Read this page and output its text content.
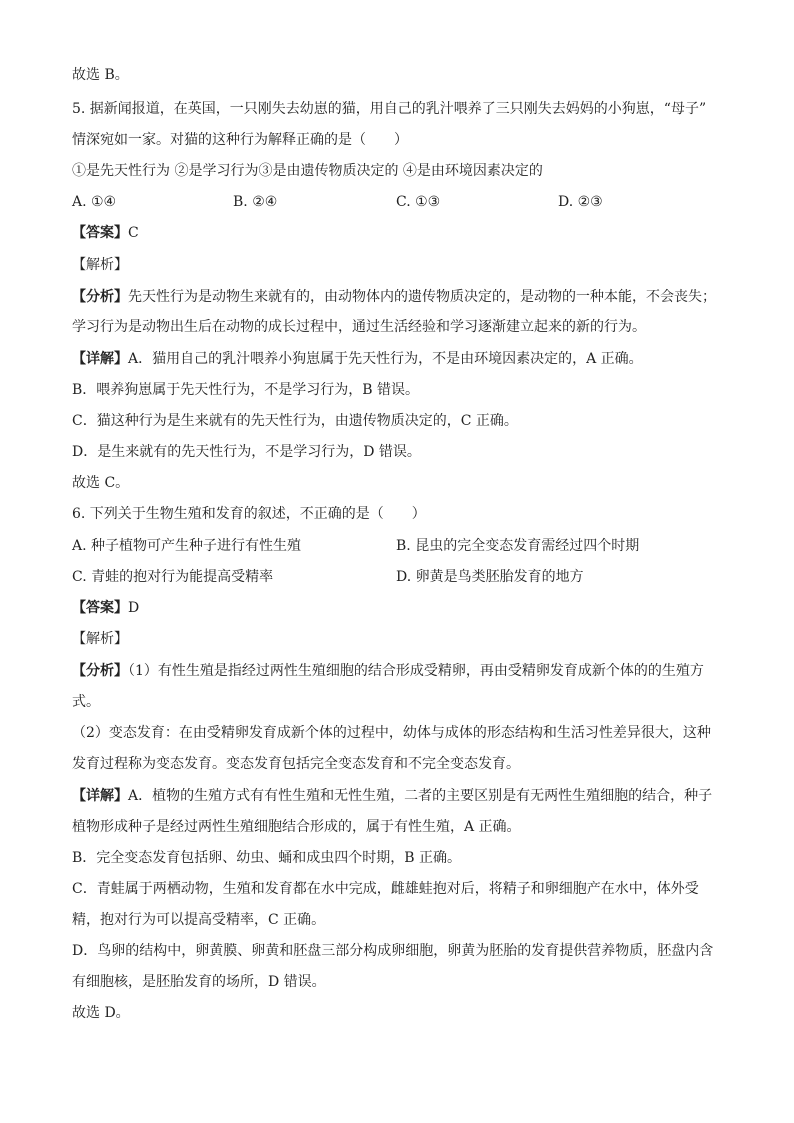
故选 B。
5. 据新闻报道，在英国，一只刚失去幼崽的猫，用自己的乳汁喂养了三只刚失去妈妈的小狗崽，“母子”
情深宛如一家。对猫的这种行为解释正确的是（　　）
①是先天性行为 ②是学习行为③是由遗传物质决定的 ④是由环境因素决定的
A. ①④	B. ②④	C. ①③	D. ②③
【答案】C
【解析】
【分析】先天性行为是动物生来就有的，由动物体内的遗传物质决定的，是动物的一种本能，不会丧失；
学习行为是动物出生后在动物的成长过程中，通过生活经验和学习逐渐建立起来的新的行为。
【详解】A．猫用自己的乳汁喂养小狗崽属于先天性行为，不是由环境因素决定的，A 正确。
B．喂养狗崽属于先天性行为，不是学习行为，B 错误。
C．猫这种行为是生来就有的先天性行为，由遗传物质决定的，C 正确。
D．是生来就有的先天性行为，不是学习行为，D 错误。
故选 C。
6. 下列关于生物生殖和发育的叙述，不正确的是（　　）
A. 种子植物可产生种子进行有性生殖	B. 昆虫的完全变态发育需经过四个时期
C. 青蛙的抱对行为能提高受精率	D. 卵黄是鸟类胚胎发育的地方
【答案】D
【解析】
【分析】（1）有性生殖是指经过两性生殖细胞的结合形成受精卵，再由受精卵发育成新个体的的生殖方
式。
（2）变态发育：在由受精卵发育成新个体的过程中，幼体与成体的形态结构和生活习性差异很大，这种
发育过程称为变态发育。变态发育包括完全变态发育和不完全变态发育。
【详解】A．植物的生殖方式有有性生殖和无性生殖，二者的主要区别是有无两性生殖细胞的结合，种子
植物形成种子是经过两性生殖细胞结合形成的，属于有性生殖，A 正确。
B．完全变态发育包括卵、幼虫、蛹和成虫四个时期，B 正确。
C．青蛙属于两栖动物，生殖和发育都在水中完成，雌雄蛙抱对后，将精子和卵细胞产在水中，体外受
精，抱对行为可以提高受精率，C 正确。
D．鸟卵的结构中，卵黄膜、卵黄和胚盘三部分构成卵细胞，卵黄为胚胎的发育提供营养物质，胚盘内含
有细胞核，是胚胎发育的场所，D 错误。
故选 D。
